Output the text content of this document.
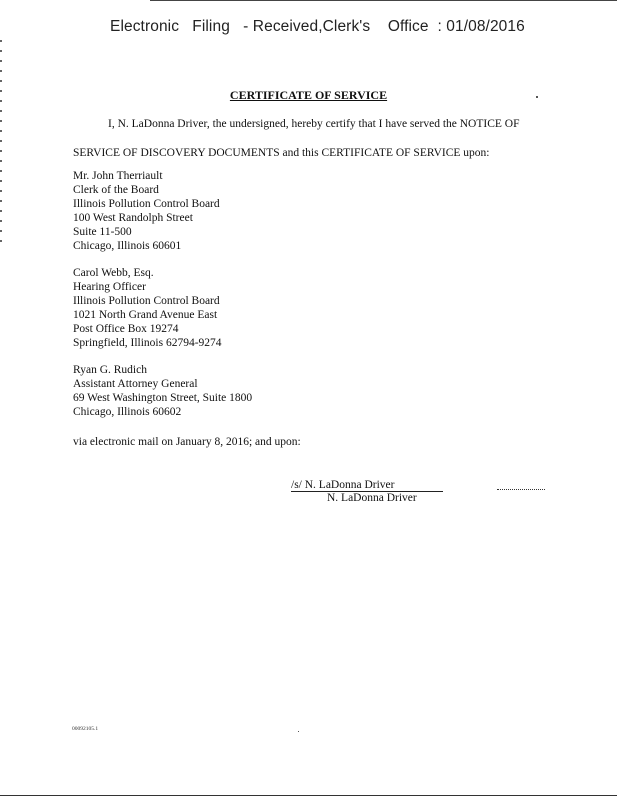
Electronic   Filing   - Received,Clerk's    Office  : 01/08/2016
CERTIFICATE OF SERVICE
I, N. LaDonna Driver, the undersigned, hereby certify that I have served the NOTICE OF
SERVICE OF DISCOVERY DOCUMENTS and this CERTIFICATE OF SERVICE upon:
Mr. John Therriault
Clerk of the Board
Illinois Pollution Control Board
100 West Randolph Street
Suite 11-500
Chicago, Illinois 60601
Carol Webb, Esq.
Hearing Officer
Illinois Pollution Control Board
1021 North Grand Avenue East
Post Office Box 19274
Springfield, Illinois 62794-9274
Ryan G. Rudich
Assistant Attorney General
69 West Washington Street, Suite 1800
Chicago, Illinois 60602
via electronic mail on January 8, 2016; and upon:
/s/ N. LaDonna Driver
N. LaDonna Driver
00092105.1
